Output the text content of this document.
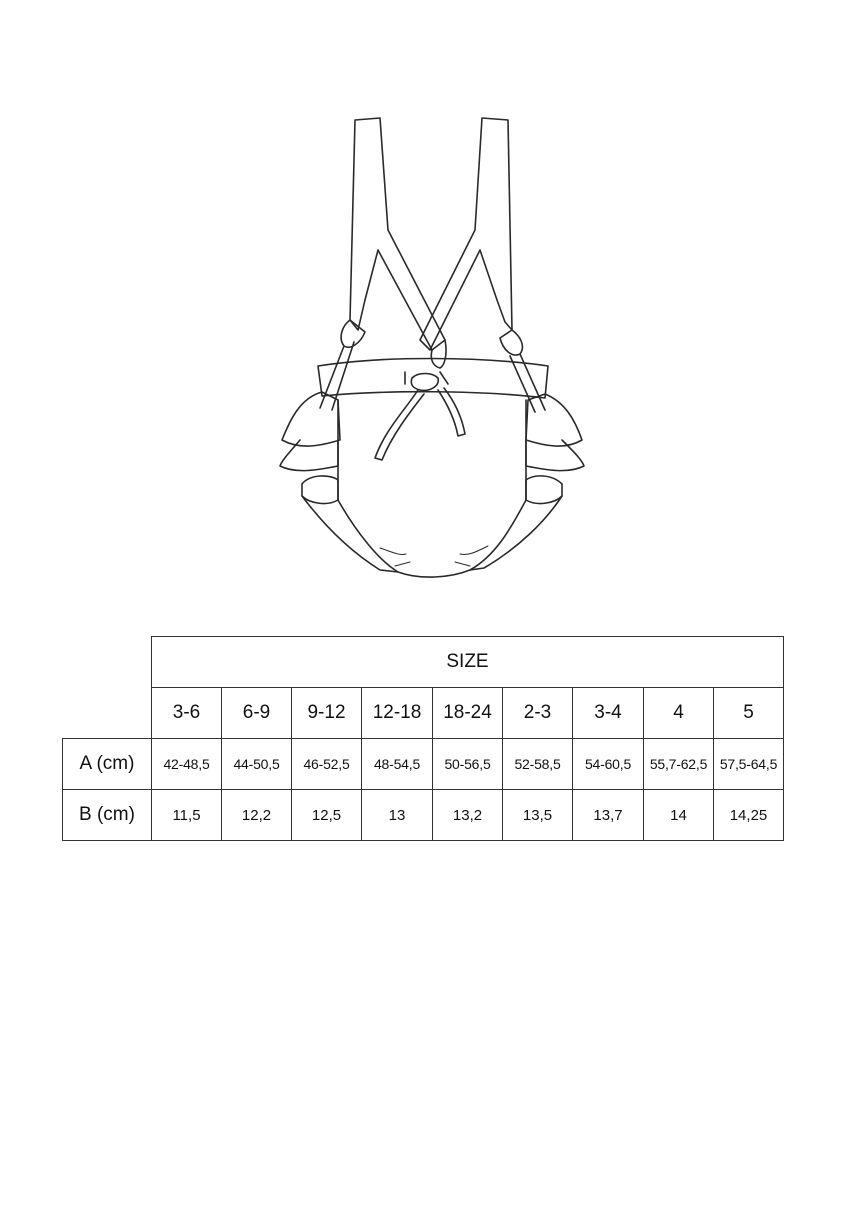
	SIZE								
	3-6	6-9	9-12	12-18	18-24	2-3	3-4	4	5
A (cm)	42-48,5	44-50,5	46-52,5	48-54,5	50-56,5	52-58,5	54-60,5	55,7-62,5	57,5-64,5
B (cm)	11,5	12,2	12,5	13	13,2	13,5	13,7	14	14,25
